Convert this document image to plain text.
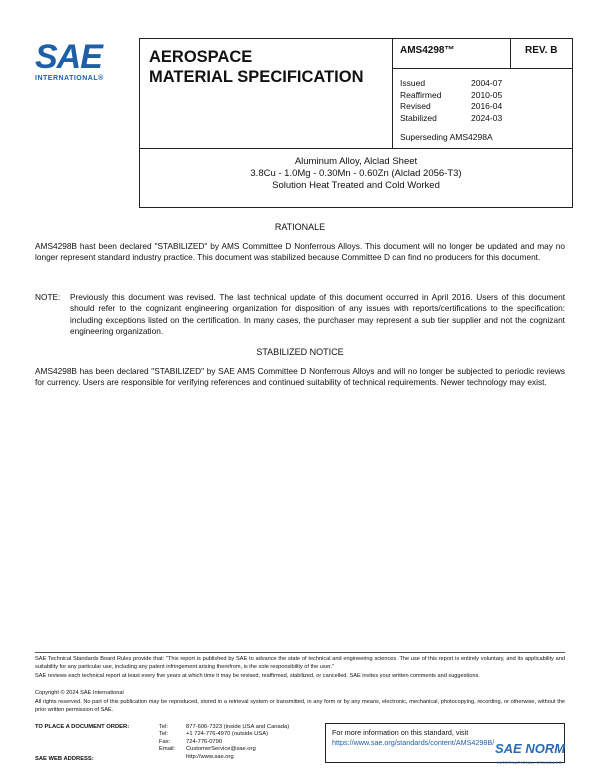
SAE
INTERNATIONAL®
AEROSPACE
MATERIAL SPECIFICATION
AMS4298™	REV. B
Issued
Reaffirmed
Revised
Stabilized
2004-07
2010-05
2016-04
2024-03
Superseding AMS4298A
Aluminum Alloy, Alclad Sheet
3.8Cu - 1.0Mg - 0.30Mn - 0.60Zn (Alclad 2056-T3)
Solution Heat Treated and Cold Worked
RATIONALE
AMS4298B hast been declared "STABILIZED" by AMS Committee D Nonferrous Alloys. This document will no longer be updated and may no longer represent standard industry practice. This document was stabilized because Committee D can find no producers for this document.
NOTE: Previously this document was revised. The last technical update of this document occurred in April 2016. Users of this document should refer to the cognizant engineering organization for disposition of any issues with reports/certifications to the specification: including exceptions listed on the certification. In many cases, the purchaser may represent a sub tier supplier and not the cognizant engineering organization.
STABILIZED NOTICE
AMS4298B has been declared "STABILIZED" by SAE AMS Committee D Nonferrous Alloys and will no longer be subjected to periodic reviews for currency. Users are responsible for verifying references and continued suitability of technical requirements. Newer technology may exist.
SAE Technical Standards Board Rules provide that: "This report is published by SAE to advance the state of technical and engineering sciences. The use of this report is entirely voluntary, and its applicability and suitability for any particular use, including any patent infringement arising therefrom, is the sole responsibility of the user."
SAE reviews each technical report at least every five years at which time it may be revised, reaffirmed, stabilized, or cancelled. SAE invites your written comments and suggestions.
Copyright © 2024 SAE International
All rights reserved. No part of this publication may be reproduced, stored in a retrieval system or transmitted, in any form or by any means, electronic, mechanical, photocopying, recording, or otherwise, without the prior written permission of SAE.
TO PLACE A DOCUMENT ORDER:
SAE WEB ADDRESS:
Tel:
Tel:
Fax:
Email:
877-606-7323 (inside USA and Canada)
+1 724-776-4970 (outside USA)
724-776-0790
CustomerService@sae.org
http://www.sae.org
For more information on this standard, visit
https://www.sae.org/standards/content/AMS4298B/ SAE NORM
INTERNATIONAL STANDARD
